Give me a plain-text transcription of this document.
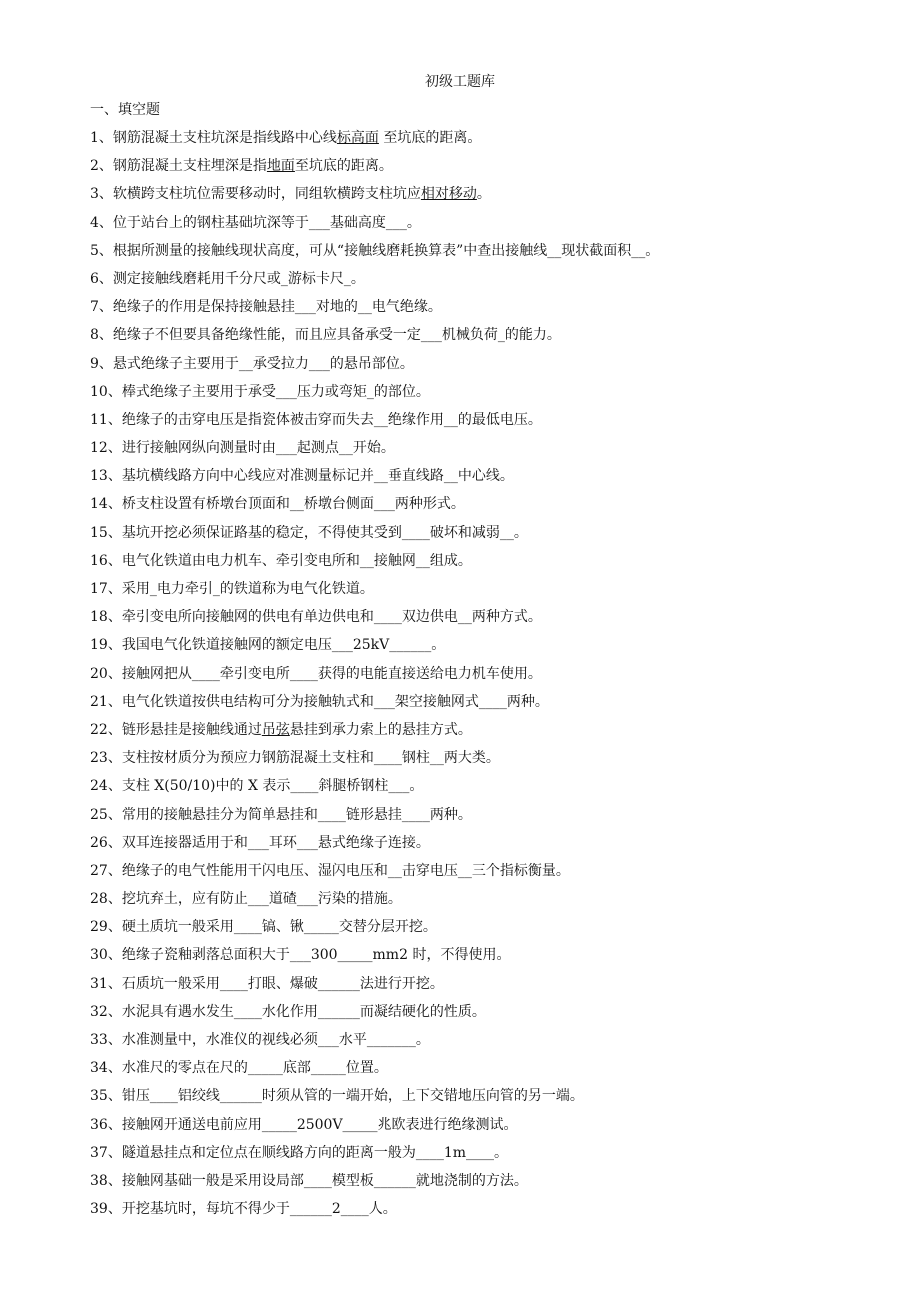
初级工题库
一、填空题
1、钢筋混凝土支柱坑深是指线路中心线标高面 至坑底的距离。
2、钢筋混凝土支柱埋深是指地面至坑底的距离。
3、软横跨支柱坑位需要移动时，同组软横跨支柱坑应相对移动。
4、位于站台上的钢柱基础坑深等于___基础高度___。
5、根据所测量的接触线现状高度，可从“接触线磨耗换算表”中查出接触线__现状截面积__。
6、测定接触线磨耗用千分尺或_游标卡尺_。
7、绝缘子的作用是保持接触悬挂___对地的__电气绝缘。
8、绝缘子不但要具备绝缘性能，而且应具备承受一定___机械负荷_的能力。
9、悬式绝缘子主要用于__承受拉力___的悬吊部位。
10、棒式绝缘子主要用于承受___压力或弯矩_的部位。
11、绝缘子的击穿电压是指瓷体被击穿而失去__绝缘作用__的最低电压。
12、进行接触网纵向测量时由___起测点__开始。
13、基坑横线路方向中心线应对准测量标记并__垂直线路__中心线。
14、桥支柱设置有桥墩台顶面和__桥墩台侧面___两种形式。
15、基坑开挖必须保证路基的稳定，不得使其受到____破坏和减弱__。
16、电气化铁道由电力机车、牵引变电所和__接触网__组成。
17、采用_电力牵引_的铁道称为电气化铁道。
18、牵引变电所向接触网的供电有单边供电和____双边供电__两种方式。
19、我国电气化铁道接触网的额定电压___25kV______。
20、接触网把从____牵引变电所____获得的电能直接送给电力机车使用。
21、电气化铁道按供电结构可分为接触轨式和___架空接触网式____两种。
22、链形悬挂是接触线通过吊弦悬挂到承力索上的悬挂方式。
23、支柱按材质分为预应力钢筋混凝土支柱和____钢柱__两大类。
24、支柱 X(50/10)中的 X 表示____斜腿桥钢柱___。
25、常用的接触悬挂分为简单悬挂和____链形悬挂____两种。
26、双耳连接器适用于和___耳环___悬式绝缘子连接。
27、绝缘子的电气性能用干闪电压、湿闪电压和__击穿电压__三个指标衡量。
28、挖坑弃土，应有防止___道碴___污染的措施。
29、硬土质坑一般采用____镐、锹_____交替分层开挖。
30、绝缘子瓷釉剥落总面积大于___300_____mm2 时，不得使用。
31、石质坑一般采用____打眼、爆破______法进行开挖。
32、水泥具有遇水发生____水化作用______而凝结硬化的性质。
33、水准测量中，水准仪的视线必须___水平_______。
34、水准尺的零点在尺的_____底部_____位置。
35、钳压____铝绞线______时须从管的一端开始，上下交错地压向管的另一端。
36、接触网开通送电前应用_____2500V_____兆欧表进行绝缘测试。
37、隧道悬挂点和定位点在顺线路方向的距离一般为____1m____。
38、接触网基础一般是采用设局部____模型板______就地浇制的方法。
39、开挖基坑时，每坑不得少于______2____人。
